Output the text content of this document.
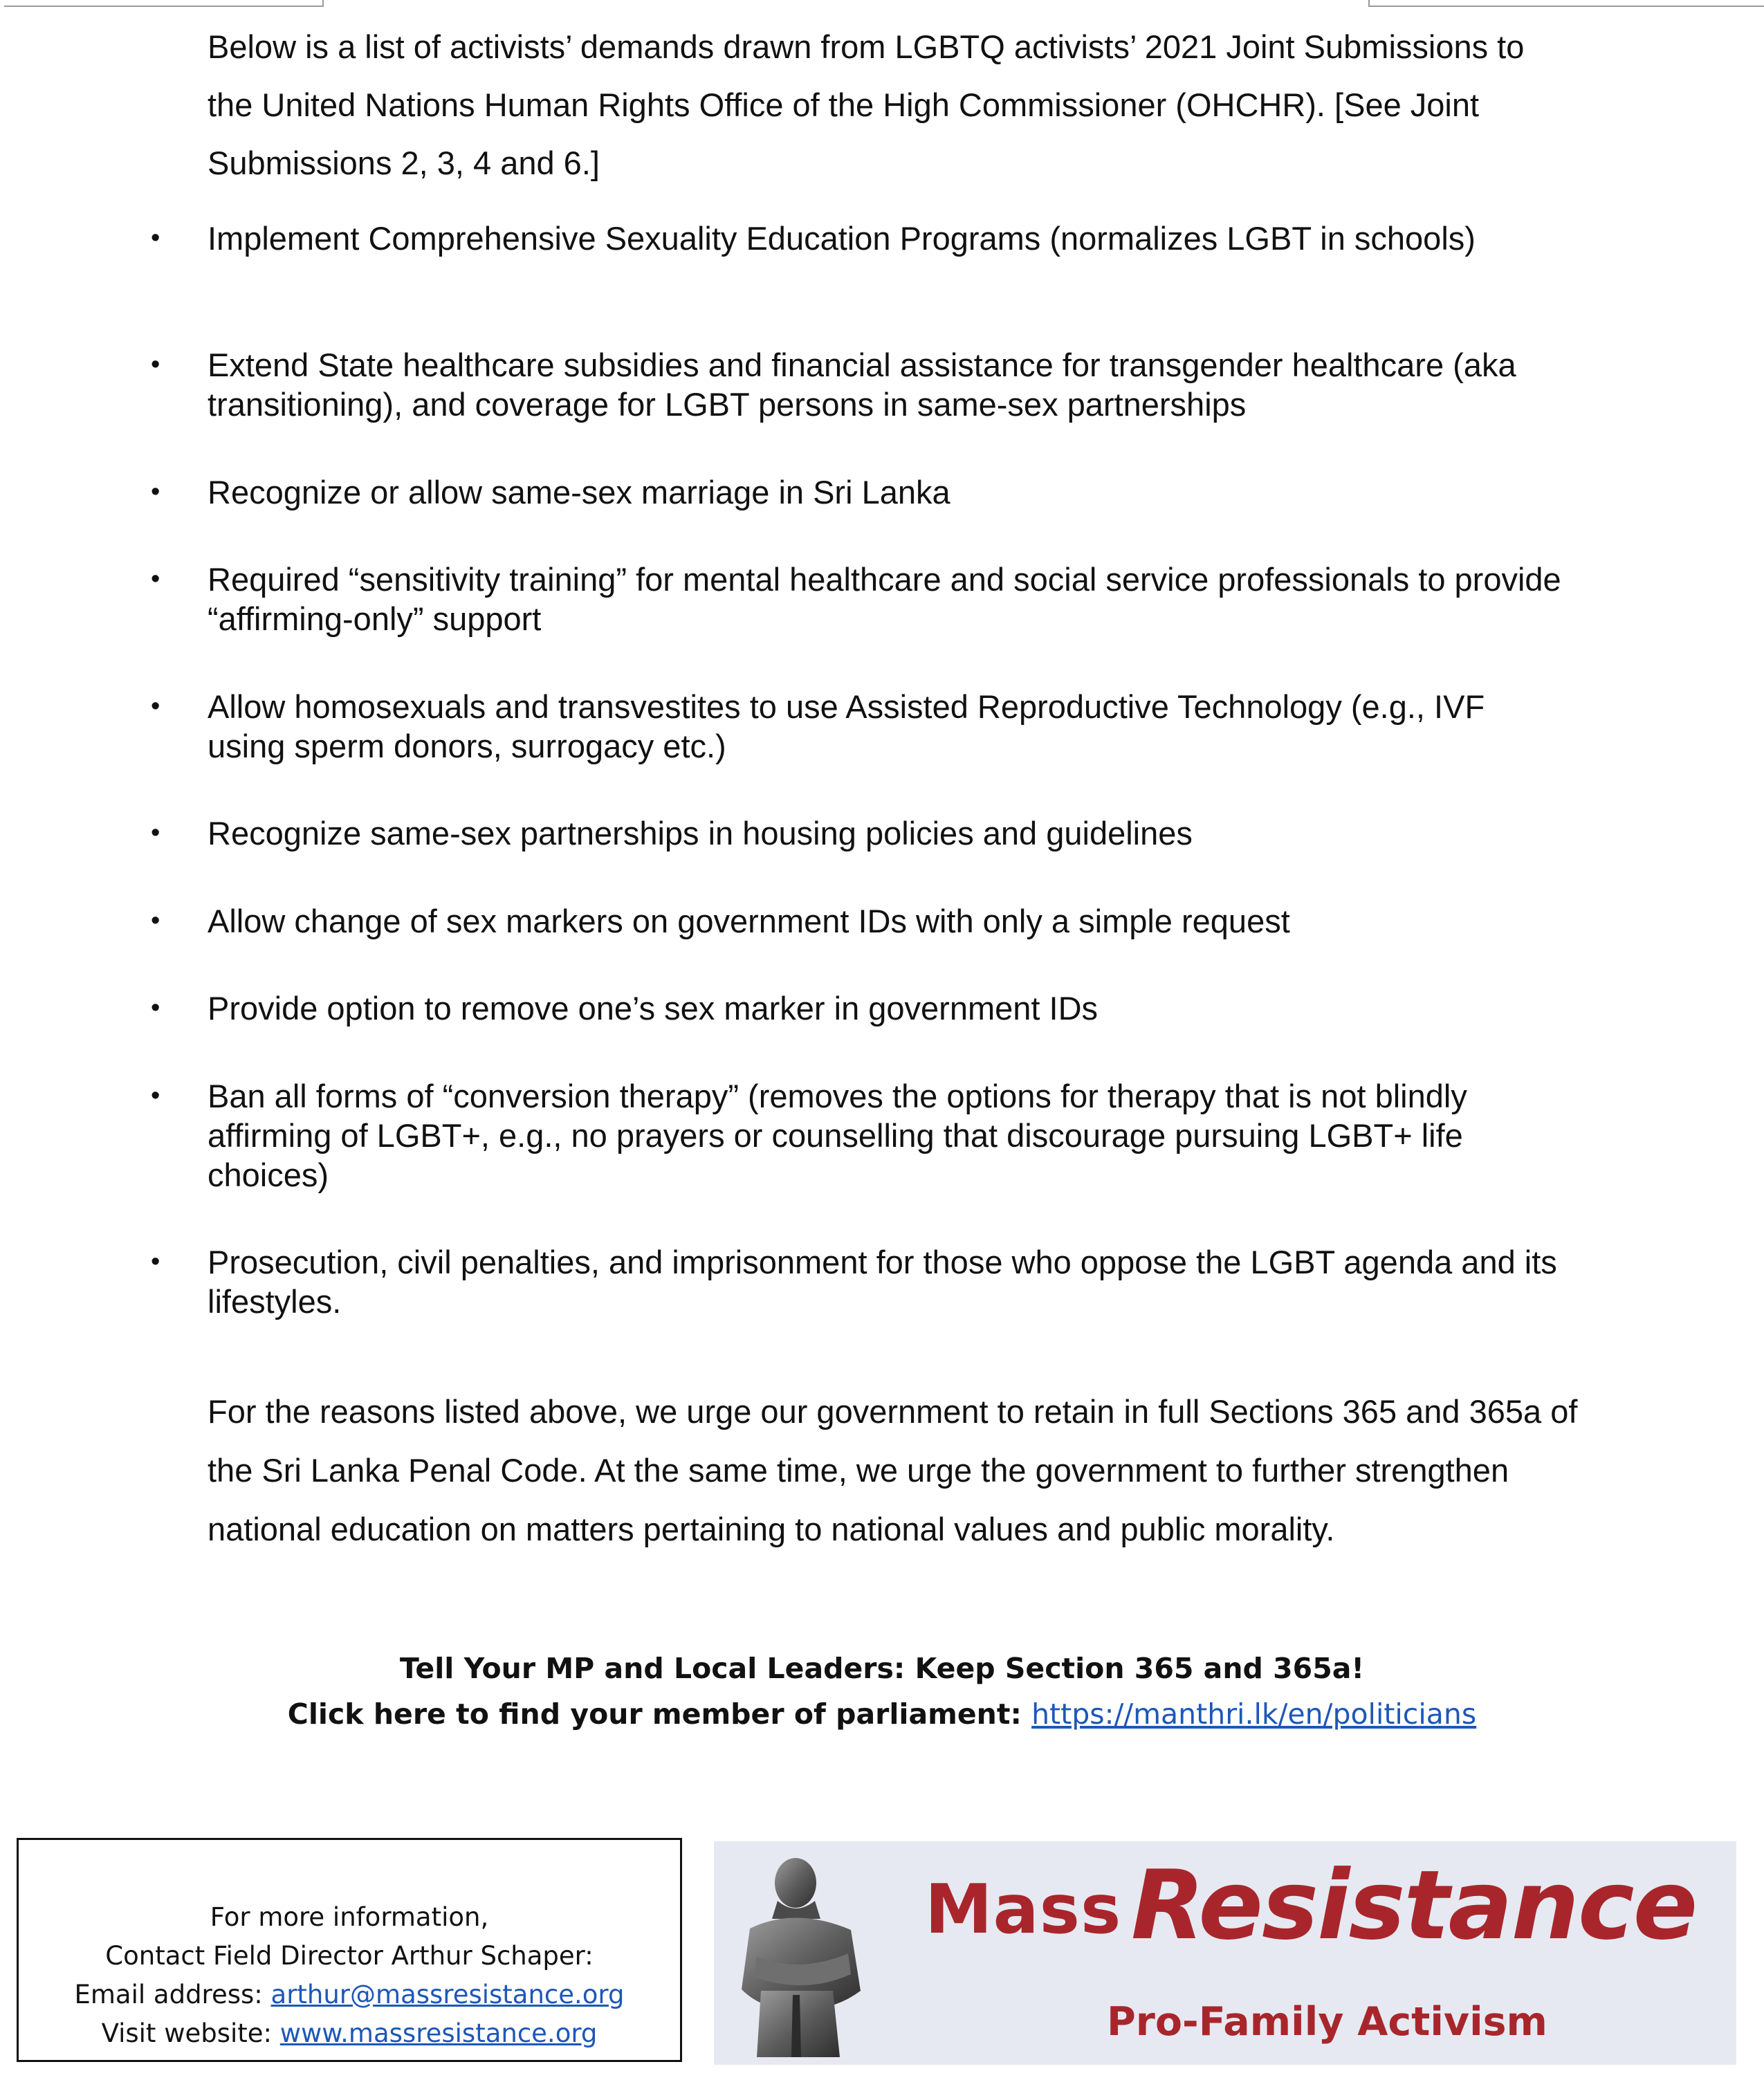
Below is a list of activists’ demands drawn from LGBTQ activists’ 2021 Joint Submissions to the United Nations Human Rights Office of the High Commissioner (OHCHR). [See Joint Submissions 2, 3, 4 and 6.]

• Implement Comprehensive Sexuality Education Programs (normalizes LGBT in schools)
• Extend State healthcare subsidies and financial assistance for transgender healthcare (aka transitioning), and coverage for LGBT persons in same-sex partnerships
• Recognize or allow same-sex marriage in Sri Lanka
• Required “sensitivity training” for mental healthcare and social service professionals to provide “affirming-only” support
• Allow homosexuals and transvestites to use Assisted Reproductive Technology (e.g., IVF using sperm donors, surrogacy etc.)
• Recognize same-sex partnerships in housing policies and guidelines
• Allow change of sex markers on government IDs with only a simple request
• Provide option to remove one’s sex marker in government IDs
• Ban all forms of “conversion therapy” (removes the options for therapy that is not blindly affirming of LGBT+, e.g., no prayers or counselling that discourage pursuing LGBT+ life choices)
• Prosecution, civil penalties, and imprisonment for those who oppose the LGBT agenda and its lifestyles.

For the reasons listed above, we urge our government to retain in full Sections 365 and 365a of the Sri Lanka Penal Code. At the same time, we urge the government to further strengthen national education on matters pertaining to national values and public morality.

Tell Your MP and Local Leaders: Keep Section 365 and 365a!
Click here to find your member of parliament: https://manthri.lk/en/politicians
For more information,
Contact Field Director Arthur Schaper:
Email address: arthur@massresistance.org
Visit website: www.massresistance.org
Mass Resistance
Pro-Family Activism
